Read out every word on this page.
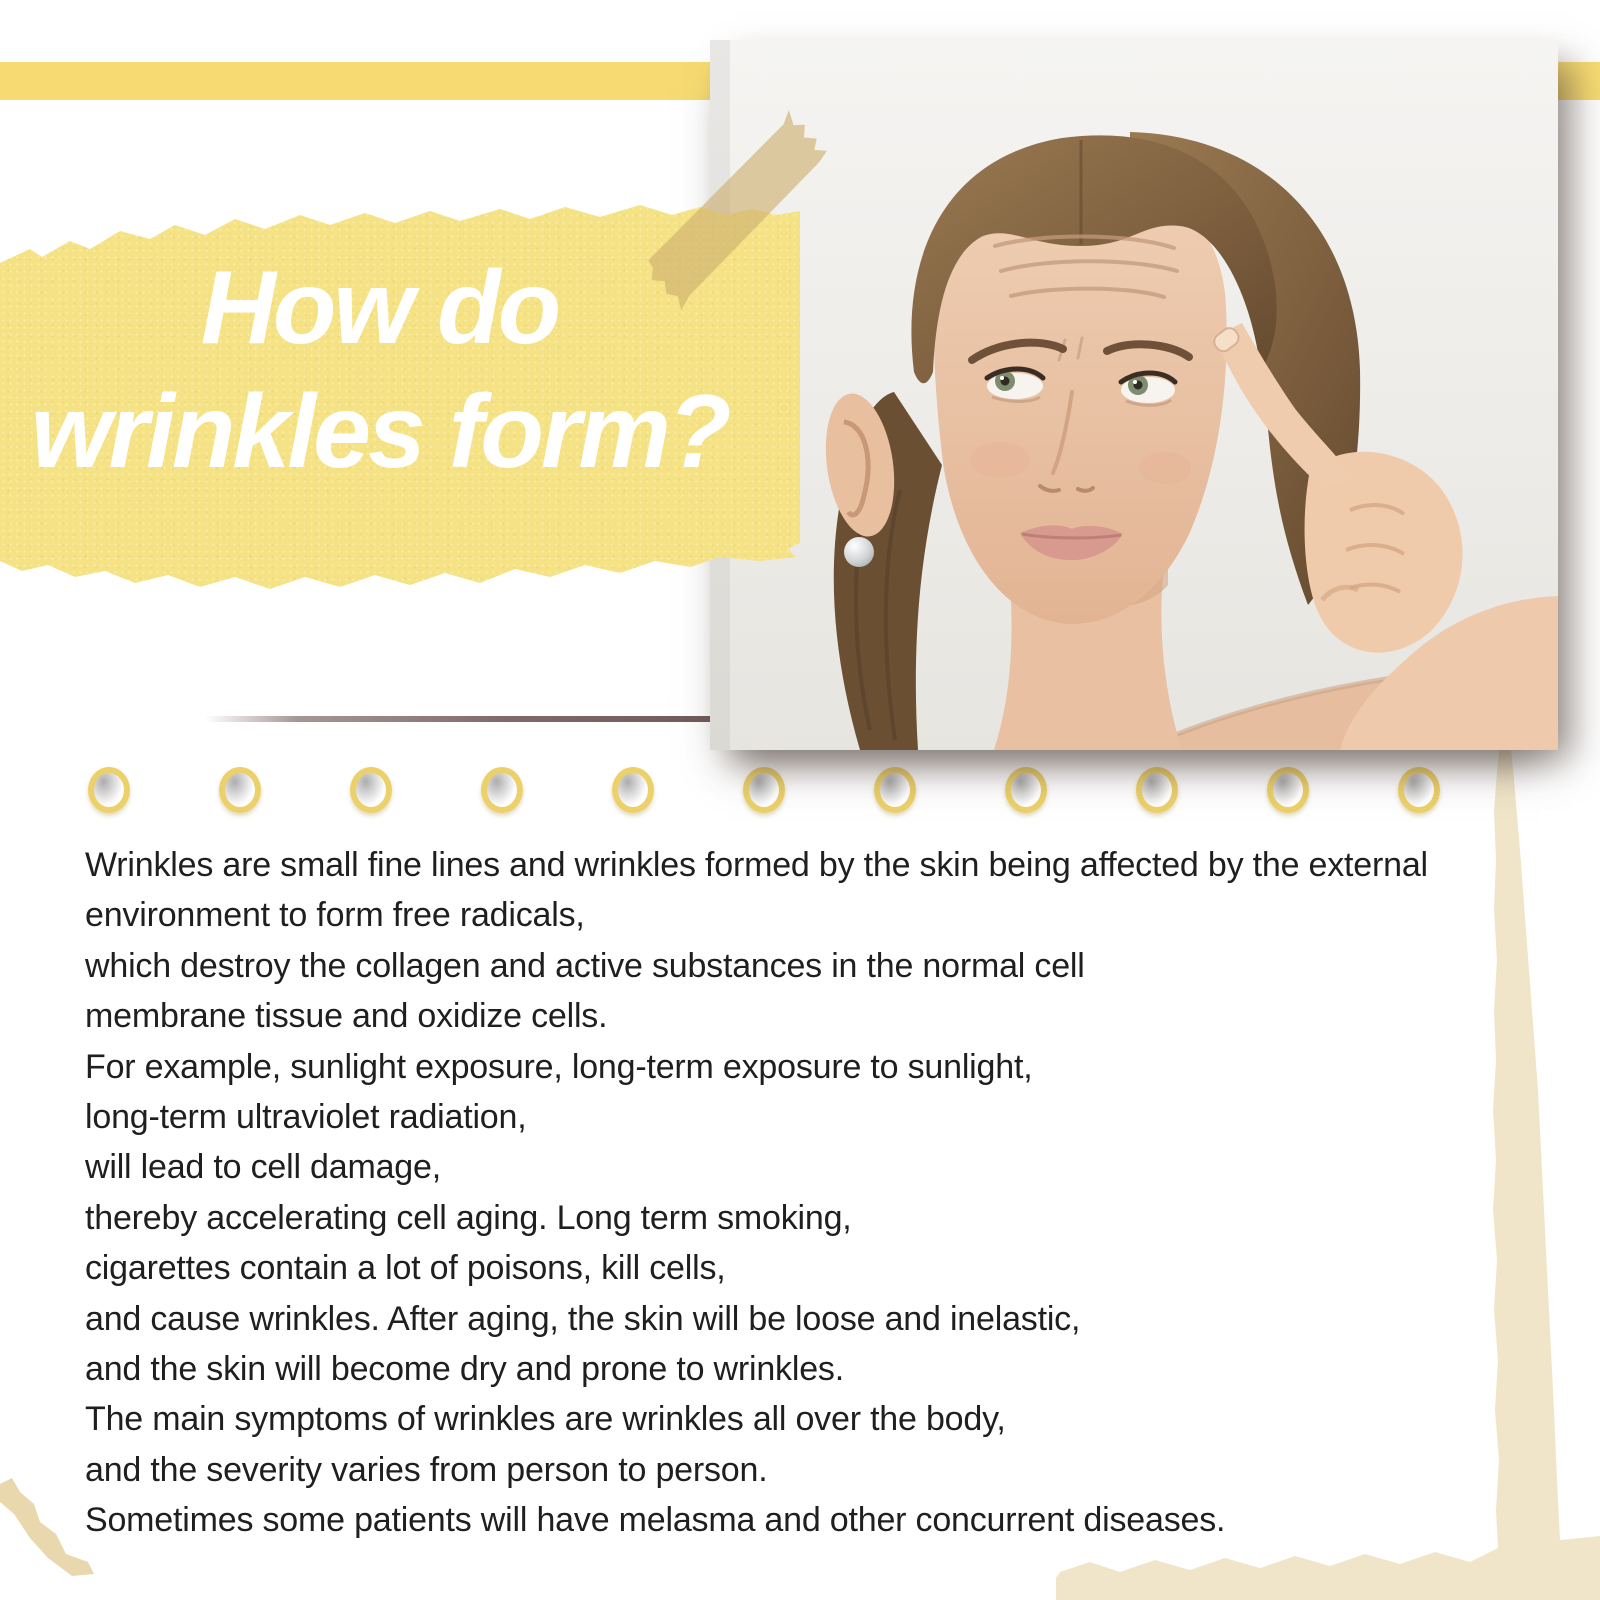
How do
wrinkles form?
Wrinkles are small fine lines and wrinkles formed by the skin being affected by the external
environment to form free radicals,
which destroy the collagen and active substances in the normal cell
membrane tissue and oxidize cells.
For example, sunlight exposure, long-term exposure to sunlight,
long-term ultraviolet radiation,
will lead to cell damage,
thereby accelerating cell aging. Long term smoking,
cigarettes contain a lot of poisons, kill cells,
and cause wrinkles. After aging, the skin will be loose and inelastic,
and the skin will become dry and prone to wrinkles.
The main symptoms of wrinkles are wrinkles all over the body,
and the severity varies from person to person.
Sometimes some patients will have melasma and other concurrent diseases.
